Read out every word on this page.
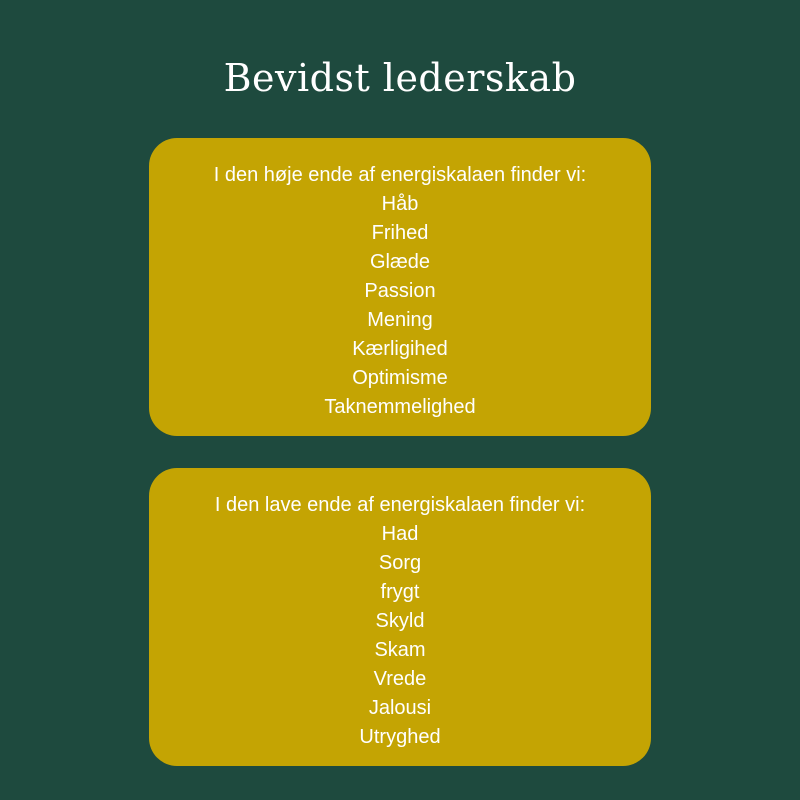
Bevidst lederskab
I den høje ende af energiskalaen finder vi:
Håb
Frihed
Glæde
Passion
Mening
Kærligihed
Optimisme
Taknemmelighed
I den lave ende af energiskalaen finder vi:
Had
Sorg
frygt
Skyld
Skam
Vrede
Jalousi
Utryghed
